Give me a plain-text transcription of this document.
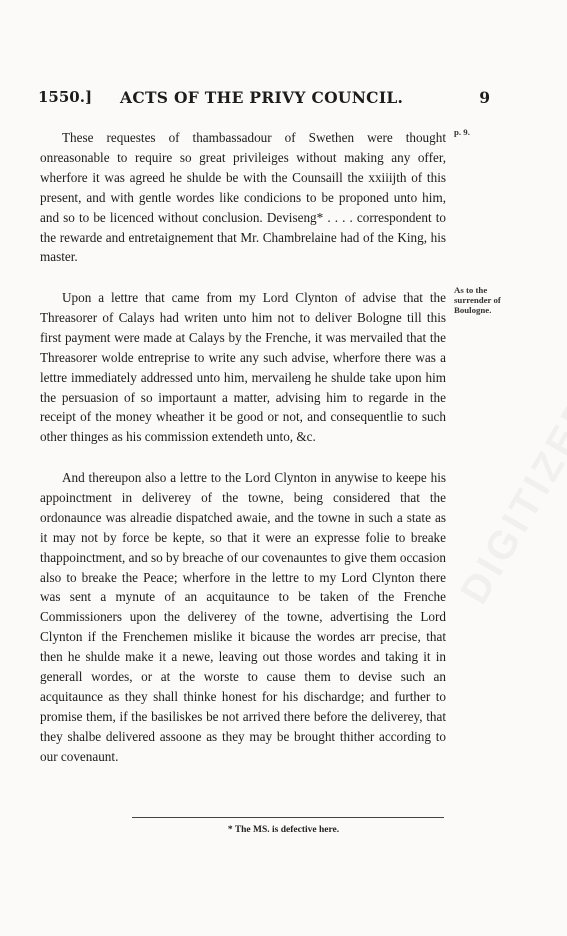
1550.] ACTS OF THE PRIVY COUNCIL.	9

These requestes of thambassadour of Swethen were thought onreasonable to require so great privileiges without making any offer, wherfore it was agreed he shulde be with the Counsaill the xxiiijth of this present, and with gentle wordes like condicions to be proponed unto him, and so to be licenced without conclusion. Deviseng* . . . . correspondent to the rewarde and entretaignement that Mr. Chambrelaine had of the King, his master.

p. 9.

Upon a lettre that came from my Lord Clynton of advise that the Threasorer of Calays had writen unto him not to deliver Bologne till this first payment were made at Calays by the Frenche, it was mervailed that the Threasorer wolde entreprise to write any such advise, wherfore there was a lettre immediately addressed unto him, mervaileng he shulde take upon him the persuasion of so importaunt a matter, advising him to regarde in the receipt of the money wheather it be good or not, and consequentlie to such other thinges as his commission extendeth unto, &c.

As to the surrender of Boulogne.

And thereupon also a lettre to the Lord Clynton in anywise to keepe his appoinctment in deliverey of the towne, being considered that the ordonaunce was alreadie dispatched awaie, and the towne in such a state as it may not by force be kepte, so that it were an expresse folie to breake thappoinctment, and so by breache of our covenauntes to give them occasion also to breake the Peace; wherfore in the lettre to my Lord Clynton there was sent a mynute of an acquitaunce to be taken of the Frenche Commissioners upon the deliverey of the towne, advertising the Lord Clynton if the Frenchemen mislike it bicause the wordes arr precise, that then he shulde make it a newe, leaving out those wordes and taking it in generall wordes, or at the worste to cause them to devise such an acquitaunce as they shall thinke honest for his dischardge; and further to promise them, if the basiliskes be not arrived there before the deliverey, that they shalbe delivered assoone as they may be brought thither according to our covenaunt.

* The MS. is defective here.
